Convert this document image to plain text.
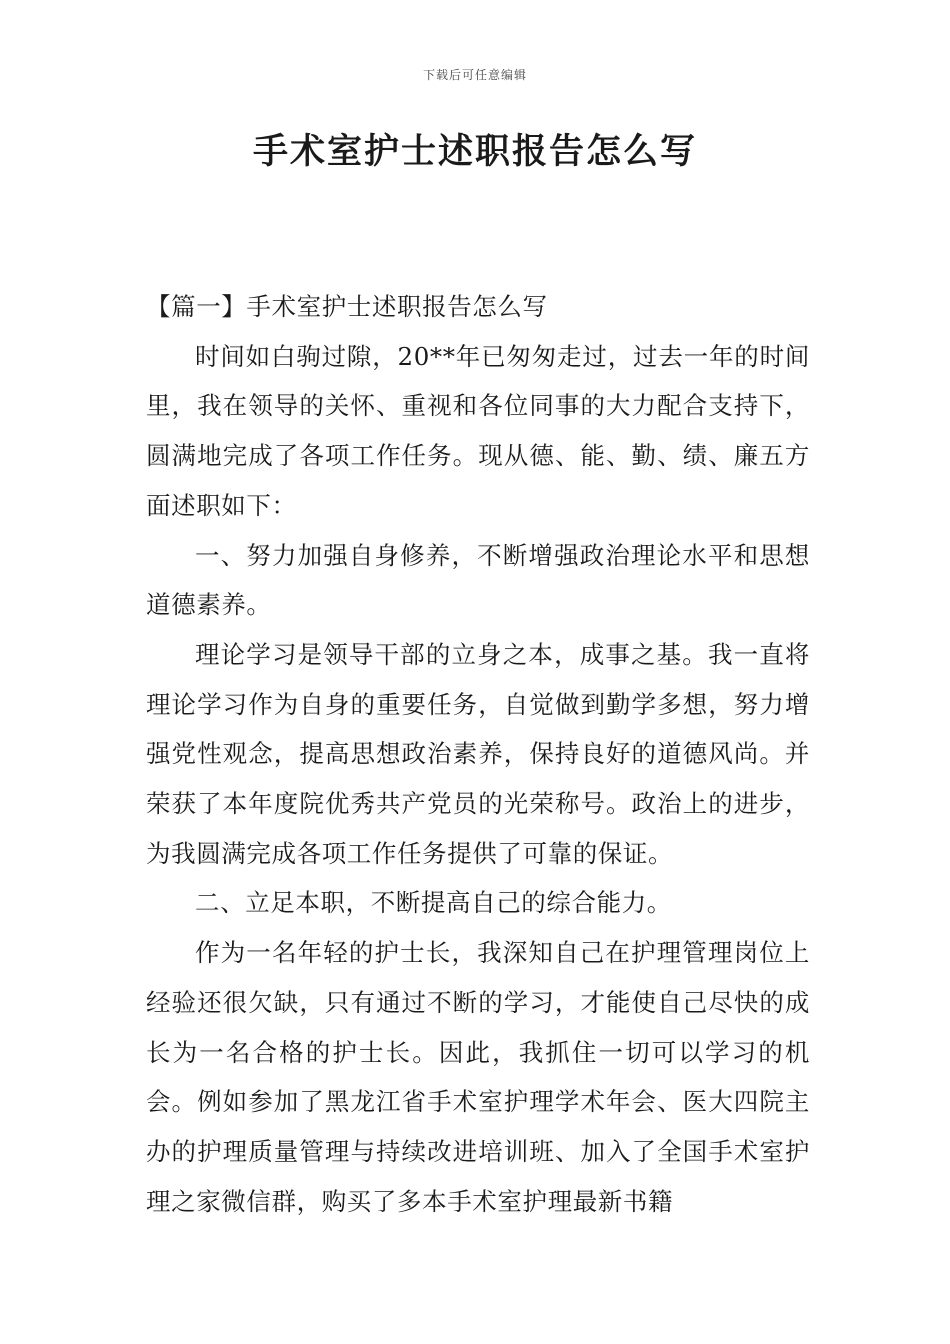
下载后可任意编辑
手术室护士述职报告怎么写

【篇一】手术室护士述职报告怎么写

时间如白驹过隙，20**年已匆匆走过，过去一年的时间里，我在领导的关怀、重视和各位同事的大力配合支持下，圆满地完成了各项工作任务。现从德、能、勤、绩、廉五方面述职如下：

一、努力加强自身修养，不断增强政治理论水平和思想道德素养。

理论学习是领导干部的立身之本，成事之基。我一直将理论学习作为自身的重要任务，自觉做到勤学多想，努力增强党性观念，提高思想政治素养，保持良好的道德风尚。并荣获了本年度院优秀共产党员的光荣称号。政治上的进步，为我圆满完成各项工作任务提供了可靠的保证。

二、立足本职，不断提高自己的综合能力。

作为一名年轻的护士长，我深知自己在护理管理岗位上经验还很欠缺，只有通过不断的学习，才能使自己尽快的成长为一名合格的护士长。因此，我抓住一切可以学习的机会。例如参加了黑龙江省手术室护理学术年会、医大四院主办的护理质量管理与持续改进培训班、加入了全国手术室护理之家微信群，购买了多本手术室护理最新书籍
